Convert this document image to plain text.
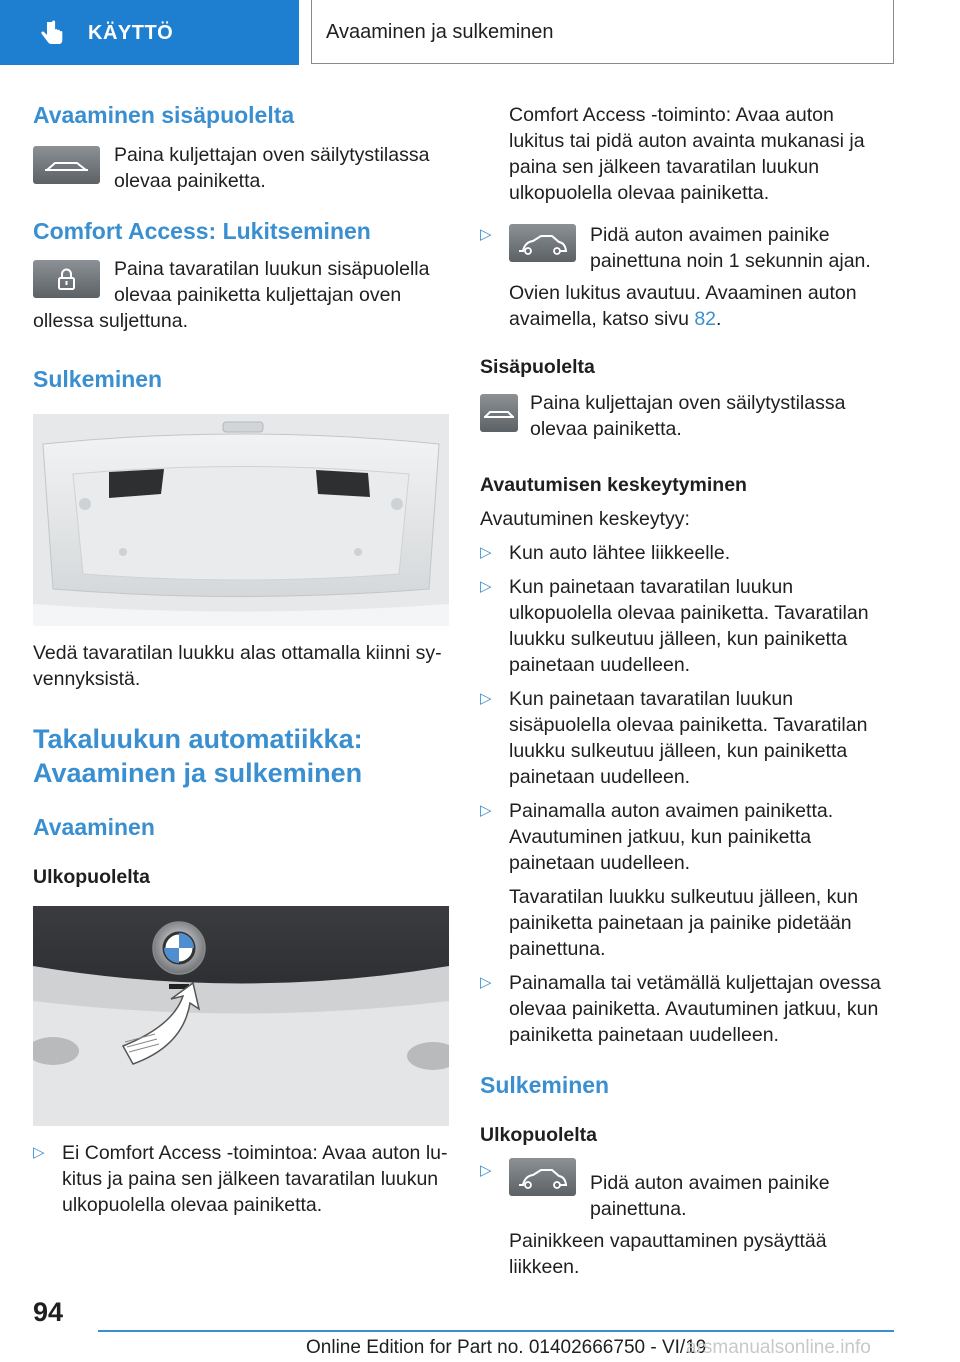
KÄYTTÖ	Avaaminen ja sulkeminen
Avaaminen sisäpuolelta

Paina kuljettajan oven säilytystilassa olevaa painiketta.

Comfort Access: Lukitseminen

Paina tavaratilan luukun sisäpuolella olevaa painiketta kuljettajan oven ollessa suljettuna.

Sulkeminen

Vedä tavaratilan luukku alas ottamalla kiinni syvennyksistä.

Takaluukun automatiikka: Avaaminen ja sulkeminen
Avaaminen
Ulkopuolelta
▷ Ei Comfort Access -toimintoa: Avaa auton lukitus ja paina sen jälkeen tavaratilan luukun ulkopuolella olevaa painiketta.

Comfort Access -toiminto: Avaa auton lukitus tai pidä auton avainta mukanasi ja paina sen jälkeen tavaratilan luukun ulkopuolella olevaa painiketta.

▷	Pidä auton avaimen painike painettuna noin 1 sekunnin ajan.

Ovien lukitus avautuu. Avaaminen auton avaimella, katso sivu 82.

Sisäpuolelta

Paina kuljettajan oven säilytystilassa olevaa painiketta.

Avautumisen keskeytyminen

Avautuminen keskeytyy:

▷ Kun auto lähtee liikkeelle.
▷ Kun painetaan tavaratilan luukun ulkopuolella olevaa painiketta. Tavaratilan luukku sulkeutuu jälleen, kun painiketta painetaan uudelleen.
▷ Kun painetaan tavaratilan luukun sisäpuolella olevaa painiketta. Tavaratilan luukku sulkeutuu jälleen, kun painiketta painetaan uudelleen.
▷ Painamalla auton avaimen painiketta. Avautuminen jatkuu, kun painiketta painetaan uudelleen.

Tavaratilan luukku sulkeutuu jälleen, kun painiketta painetaan ja painike pidetään painettuna.

▷ Painamalla tai vetämällä kuljettajan ovessa olevaa painiketta. Avautuminen jatkuu, kun painiketta painetaan uudelleen.
Sulkeminen
Ulkopuolelta
▷
Pidä auton avaimen painike painettuna.

Painikkeen vapauttaminen pysäyttää liikkeen.

94
Online Edition for Part no. 01402666750 - VI/19
arsmanualsonline.info
